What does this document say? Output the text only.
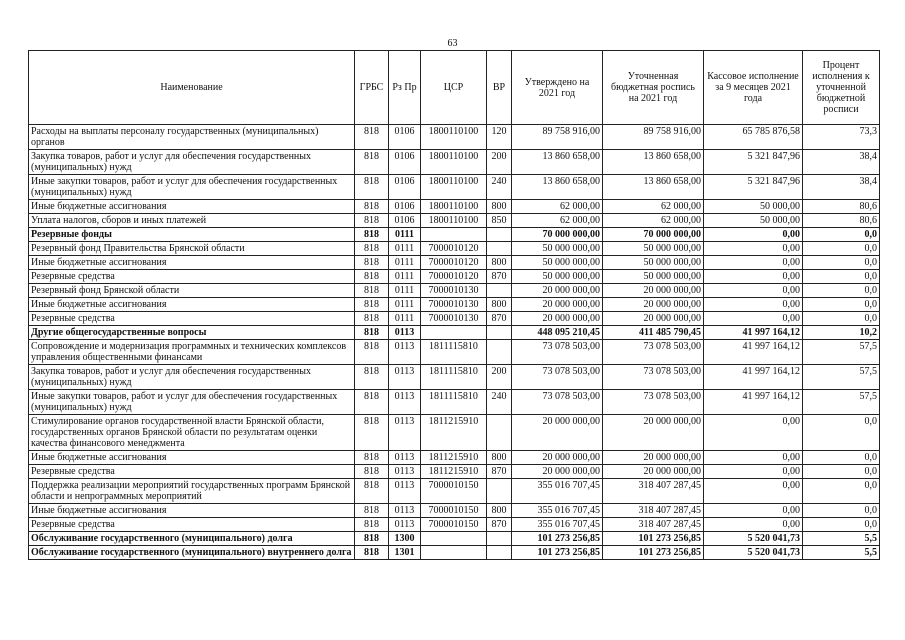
63
Наименование	ГРБС	Рз Пр	ЦСР	ВР	Утверждено на 2021 год	Уточненная бюджетная роспись на 2021 год	Кассовое исполнение за 9 месяцев 2021 года	Процент исполнения к уточненной бюджетной росписи
Расходы на выплаты персоналу государственных (муниципальных) органов	818	0106	1800110100	120	89 758 916,00	89 758 916,00	65 785 876,58	73,3
Закупка товаров, работ и услуг для обеспечения государственных (муниципальных) нужд	818	0106	1800110100	200	13 860 658,00	13 860 658,00	5 321 847,96	38,4
Иные закупки товаров, работ и услуг для обеспечения государственных (муниципальных) нужд	818	0106	1800110100	240	13 860 658,00	13 860 658,00	5 321 847,96	38,4
Иные бюджетные ассигнования	818	0106	1800110100	800	62 000,00	62 000,00	50 000,00	80,6
Уплата налогов, сборов и иных платежей	818	0106	1800110100	850	62 000,00	62 000,00	50 000,00	80,6
Резервные фонды	818	0111			70 000 000,00	70 000 000,00	0,00	0,0
Резервный фонд Правительства Брянской области	818	0111	7000010120		50 000 000,00	50 000 000,00	0,00	0,0
Иные бюджетные ассигнования	818	0111	7000010120	800	50 000 000,00	50 000 000,00	0,00	0,0
Резервные средства	818	0111	7000010120	870	50 000 000,00	50 000 000,00	0,00	0,0
Резервный фонд Брянской области	818	0111	7000010130		20 000 000,00	20 000 000,00	0,00	0,0
Иные бюджетные ассигнования	818	0111	7000010130	800	20 000 000,00	20 000 000,00	0,00	0,0
Резервные средства	818	0111	7000010130	870	20 000 000,00	20 000 000,00	0,00	0,0
Другие общегосударственные вопросы	818	0113			448 095 210,45	411 485 790,45	41 997 164,12	10,2
Сопровождение и модернизация программных и технических комплексов управления общественными финансами	818	0113	1811115810		73 078 503,00	73 078 503,00	41 997 164,12	57,5
Закупка товаров, работ и услуг для обеспечения государственных (муниципальных) нужд	818	0113	1811115810	200	73 078 503,00	73 078 503,00	41 997 164,12	57,5
Иные закупки товаров, работ и услуг для обеспечения государственных (муниципальных) нужд	818	0113	1811115810	240	73 078 503,00	73 078 503,00	41 997 164,12	57,5
Стимулирование органов государственной власти Брянской области, государственных органов Брянской области по результатам оценки качества финансового менеджмента	818	0113	1811215910		20 000 000,00	20 000 000,00	0,00	0,0
Иные бюджетные ассигнования	818	0113	1811215910	800	20 000 000,00	20 000 000,00	0,00	0,0
Резервные средства	818	0113	1811215910	870	20 000 000,00	20 000 000,00	0,00	0,0
Поддержка реализации мероприятий государственных программ Брянской области и непрограммных мероприятий	818	0113	7000010150		355 016 707,45	318 407 287,45	0,00	0,0
Иные бюджетные ассигнования	818	0113	7000010150	800	355 016 707,45	318 407 287,45	0,00	0,0
Резервные средства	818	0113	7000010150	870	355 016 707,45	318 407 287,45	0,00	0,0
Обслуживание государственного (муниципального) долга	818	1300			101 273 256,85	101 273 256,85	5 520 041,73	5,5
Обслуживание государственного (муниципального) внутреннего долга	818	1301			101 273 256,85	101 273 256,85	5 520 041,73	5,5
